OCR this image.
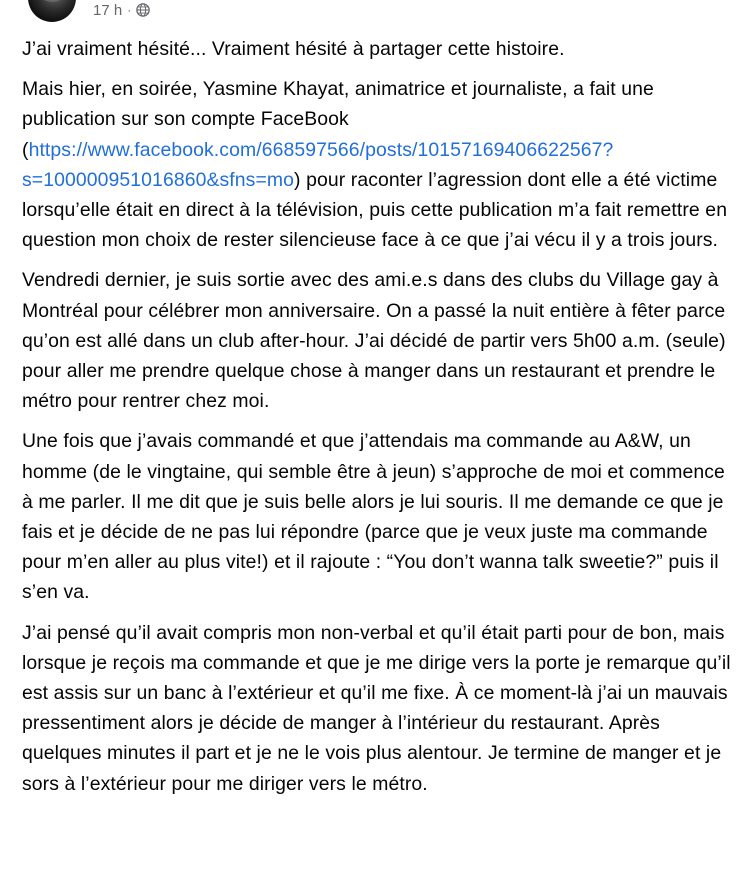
17 h ·

J’ai vraiment hésité... Vraiment hésité à partager cette histoire.

Mais hier, en soirée, Yasmine Khayat, animatrice et journaliste, a fait une publication sur son compte FaceBook (https://www.facebook.com/668597566/posts/10157169406622567?s=100000951016860&sfns=mo) pour raconter l’agression dont elle a été victime lorsqu’elle était en direct à la télévision, puis cette publication m’a fait remettre en question mon choix de rester silencieuse face à ce que j’ai vécu il y a trois jours.

Vendredi dernier, je suis sortie avec des ami.e.s dans des clubs du Village gay à Montréal pour célébrer mon anniversaire. On a passé la nuit entière à fêter parce qu’on est allé dans un club after-hour. J’ai décidé de partir vers 5h00 a.m. (seule) pour aller me prendre quelque chose à manger dans un restaurant et prendre le métro pour rentrer chez moi.

Une fois que j’avais commandé et que j’attendais ma commande au A&W, un homme (de le vingtaine, qui semble être à jeun) s’approche de moi et commence à me parler. Il me dit que je suis belle alors je lui souris. Il me demande ce que je fais et je décide de ne pas lui répondre (parce que je veux juste ma commande pour m’en aller au plus vite!) et il rajoute : “You don’t wanna talk sweetie?” puis il s’en va.

J’ai pensé qu’il avait compris mon non-verbal et qu’il était parti pour de bon, mais lorsque je reçois ma commande et que je me dirige vers la porte je remarque qu’il est assis sur un banc à l’extérieur et qu’il me fixe. À ce moment-là j’ai un mauvais pressentiment alors je décide de manger à l’intérieur du restaurant. Après quelques minutes il part et je ne le vois plus alentour. Je termine de manger et je sors à l’extérieur pour me diriger vers le métro.
